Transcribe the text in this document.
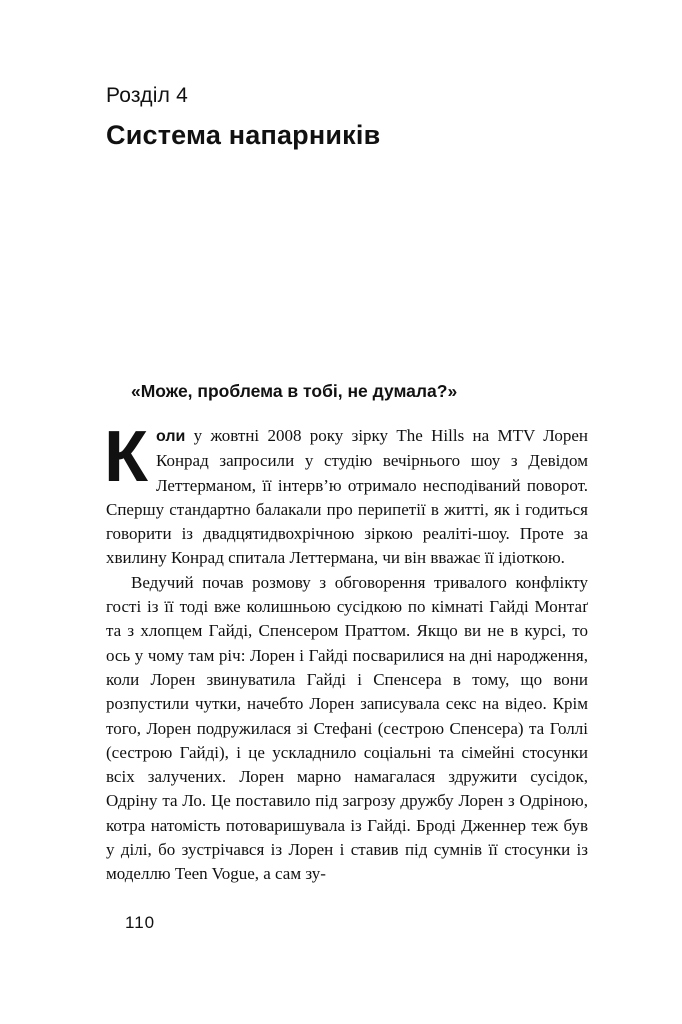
Розділ 4
Система напарників
«Може, проблема в тобі, не думала?»

Коли у жовтні 2008 року зірку The Hills на MTV Лорен Конрад запросили у студію вечірнього шоу з Девідом Леттерманом, її інтерв’ю отримало несподіваний поворот. Спершу стандартно балакали про перипетії в житті, як і годиться говорити із двадцятидвохрічною зіркою реаліті-шоу. Проте за хвилину Конрад спитала Леттермана, чи він вважає її ідіоткою.

Ведучий почав розмову з обговорення тривалого конфлікту гості із її тоді вже колишньою сусідкою по кімнаті Гайді Монтаґ та з хлопцем Гайді, Спенсером Праттом. Якщо ви не в курсі, то ось у чому там річ: Лорен і Гайді посварилися на дні народження, коли Лорен звинуватила Гайді і Спенсера в тому, що вони розпустили чутки, начебто Лорен записувала секс на відео. Крім того, Лорен подружилася зі Стефані (сестрою Спенсера) та Голлі (сестрою Гайді), і це ускладнило соціальні та сімейні стосунки всіх залучених. Лорен марно намагалася здружити сусідок, Одріну та Ло. Це поставило під загрозу дружбу Лорен з Одріною, котра натомість потоваришувала із Гайді. Броді Дженнер теж був у ділі, бо зустрічався із Лорен і ставив під сумнів її стосунки із моделлю Teen Vogue, а сам зу-

110
